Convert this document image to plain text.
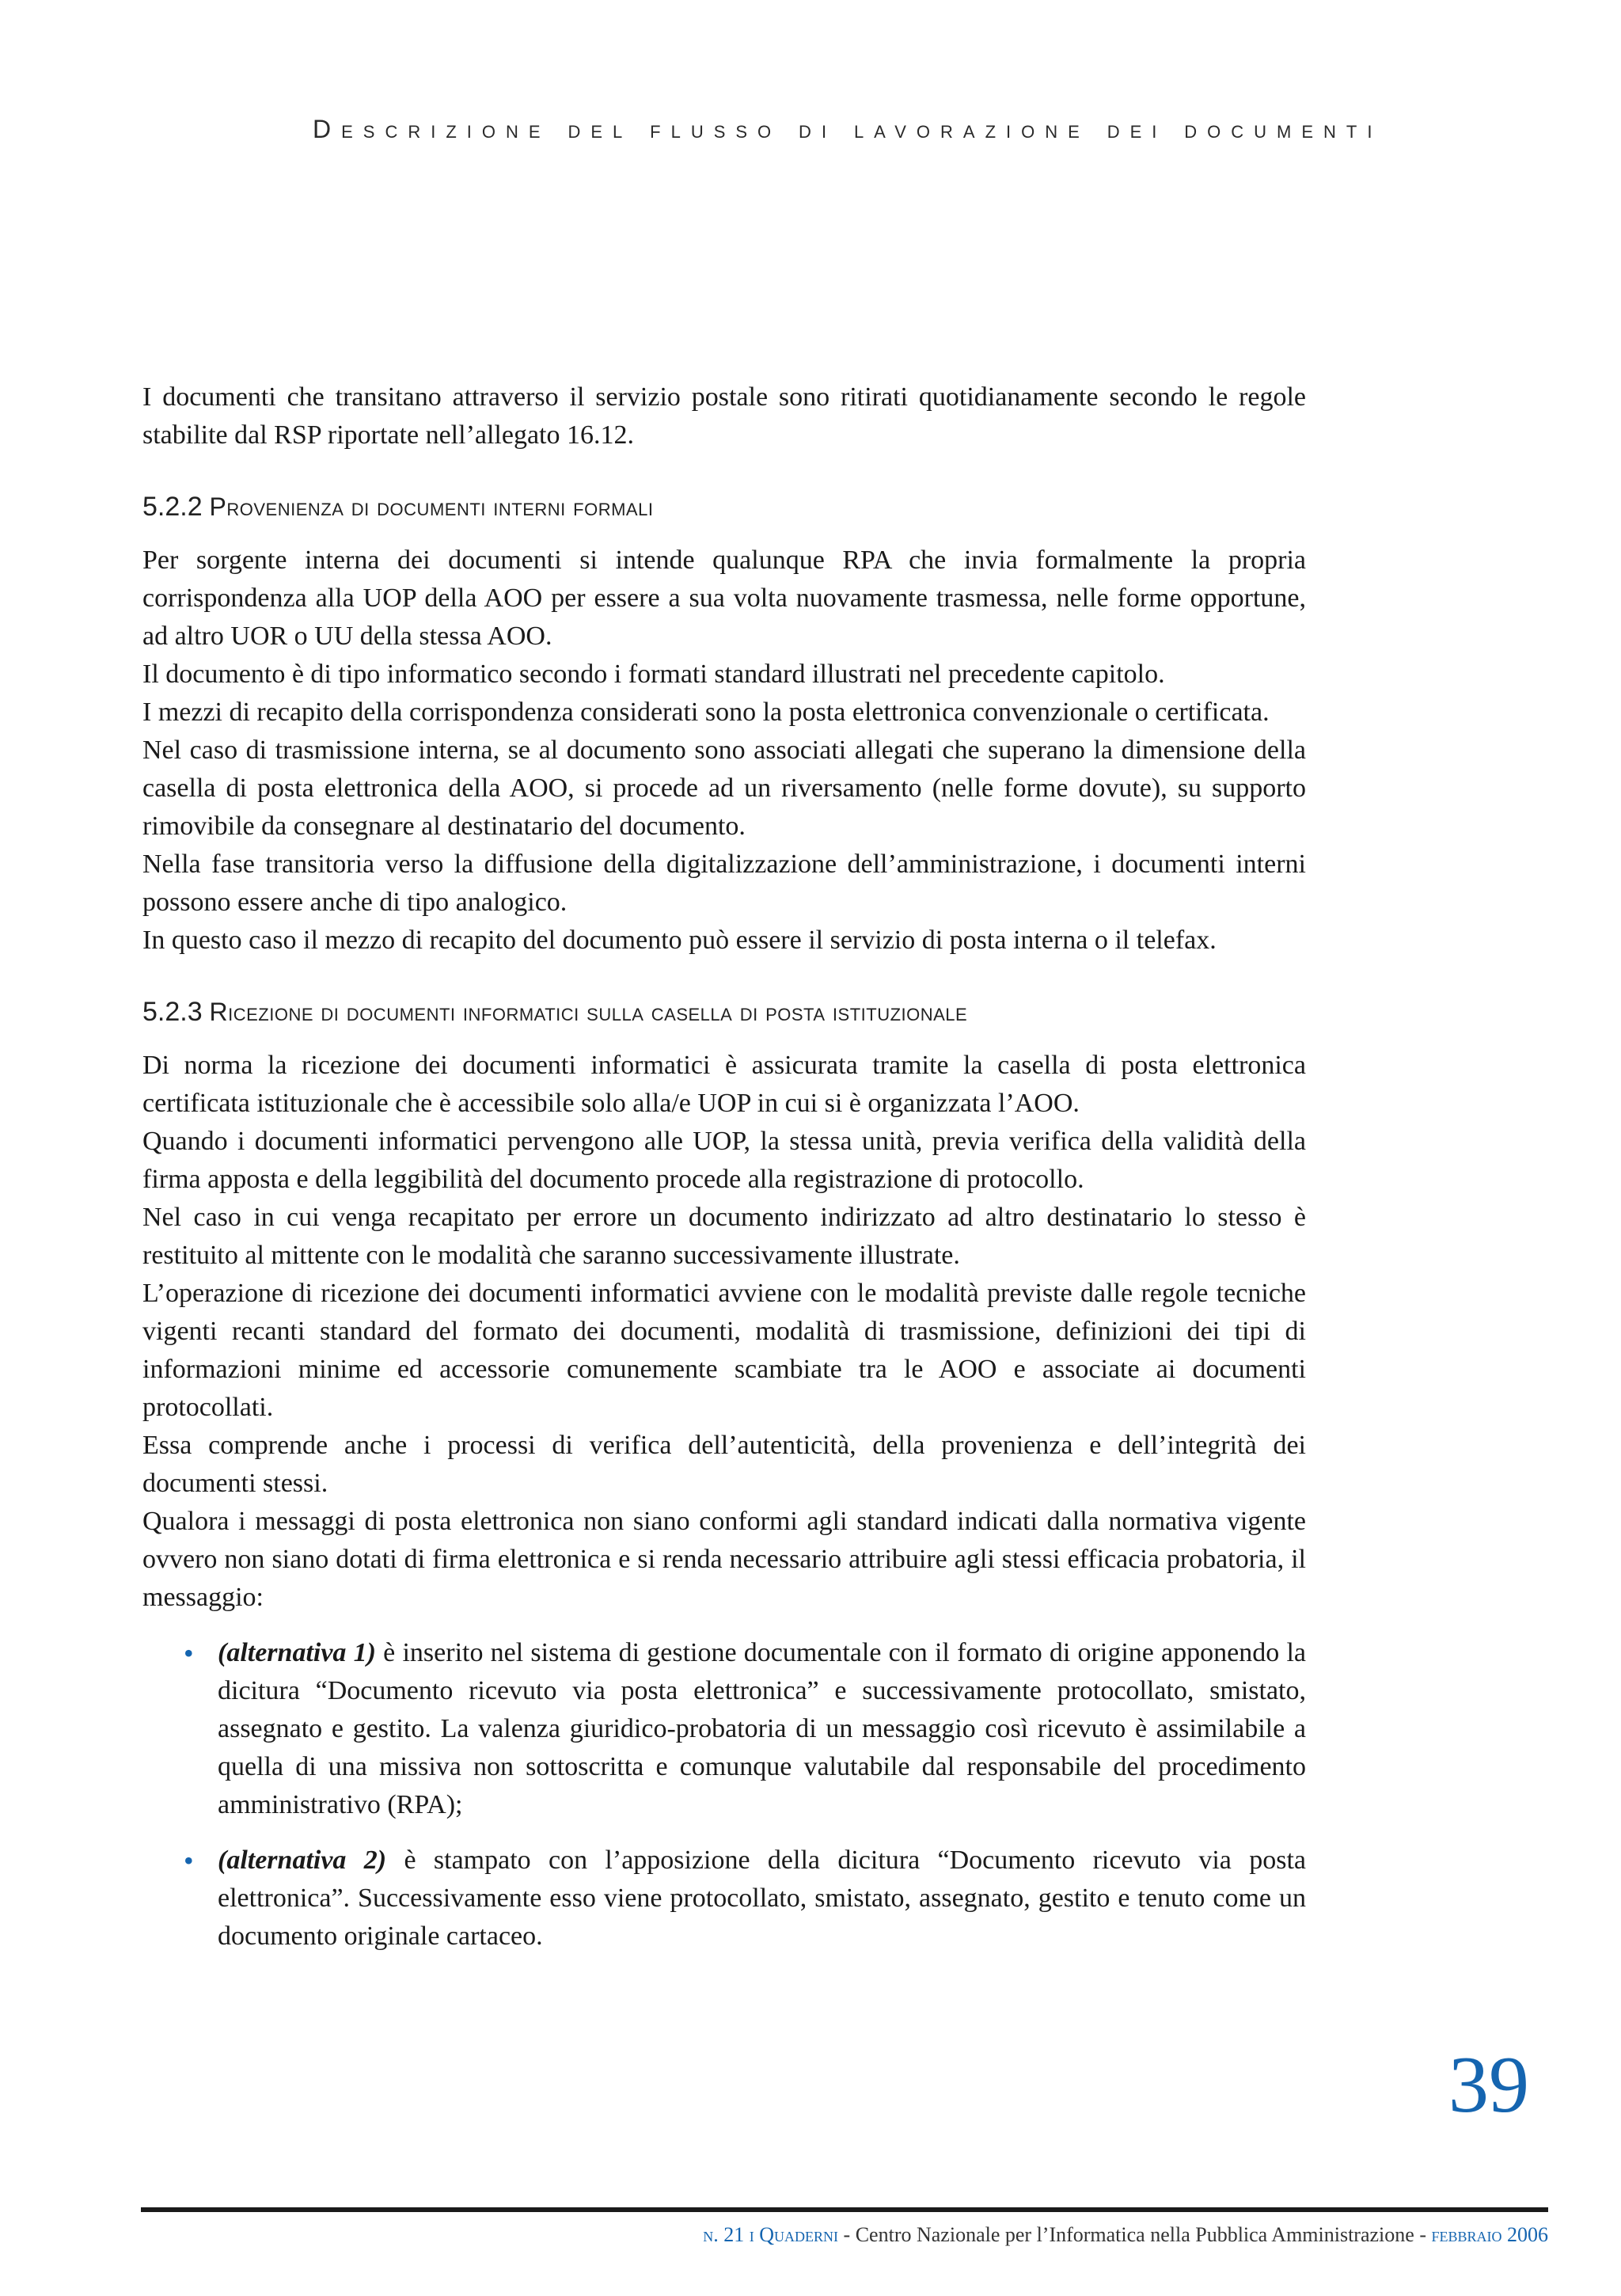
Descrizione del flusso di lavorazione dei documenti

I documenti che transitano attraverso il servizio postale sono ritirati quotidianamente secondo le regole stabilite dal RSP riportate nell’allegato 16.12.

5.2.2 Provenienza di documenti interni formali

Per sorgente interna dei documenti si intende qualunque RPA che invia formalmente la propria corrispondenza alla UOP della AOO per essere a sua volta nuovamente trasmessa, nelle forme opportune, ad altro UOR o UU della stessa AOO.

Il documento è di tipo informatico secondo i formati standard illustrati nel precedente capitolo.

I mezzi di recapito della corrispondenza considerati sono la posta elettronica convenzionale o certificata.

Nel caso di trasmissione interna, se al documento sono associati allegati che superano la dimensione della casella di posta elettronica della AOO, si procede ad un riversamento (nelle forme dovute), su supporto rimovibile da consegnare al destinatario del documento.

Nella fase transitoria verso la diffusione della digitalizzazione dell’amministrazione, i documenti interni possono essere anche di tipo analogico.

In questo caso il mezzo di recapito del documento può essere il servizio di posta interna o il telefax.

5.2.3 Ricezione di documenti informatici sulla casella di posta istituzionale

Di norma la ricezione dei documenti informatici è assicurata tramite la casella di posta elettronica certificata istituzionale che è accessibile solo alla/e UOP in cui si è organizzata l’AOO.

Quando i documenti informatici pervengono alle UOP, la stessa unità, previa verifica della validità della firma apposta e della leggibilità del documento procede alla registrazione di protocollo.

Nel caso in cui venga recapitato per errore un documento indirizzato ad altro destinatario lo stesso è restituito al mittente con le modalità che saranno successivamente illustrate.

L’operazione di ricezione dei documenti informatici avviene con le modalità previste dalle regole tecniche vigenti recanti standard del formato dei documenti, modalità di trasmissione, definizioni dei tipi di informazioni minime ed accessorie comunemente scambiate tra le AOO e associate ai documenti protocollati.

Essa comprende anche i processi di verifica dell’autenticità, della provenienza e dell’integrità dei documenti stessi.

Qualora i messaggi di posta elettronica non siano conformi agli standard indicati dalla normativa vigente ovvero non siano dotati di firma elettronica e si renda necessario attribuire agli stessi efficacia probatoria, il messaggio:

• (alternativa 1) è inserito nel sistema di gestione documentale con il formato di origine apponendo la dicitura “Documento ricevuto via posta elettronica” e successivamente protocollato, smistato, assegnato e gestito. La valenza giuridico-probatoria di un messaggio così ricevuto è assimilabile a quella di una missiva non sottoscritta e comunque valutabile dal responsabile del procedimento amministrativo (RPA);
• (alternativa 2) è stampato con l’apposizione della dicitura “Documento ricevuto via posta elettronica”. Successivamente esso viene protocollato, smistato, assegnato, gestito e tenuto come un documento originale cartaceo.
39
n. 21 i Quaderni - Centro Nazionale per l’Informatica nella Pubblica Amministrazione - febbraio 2006
